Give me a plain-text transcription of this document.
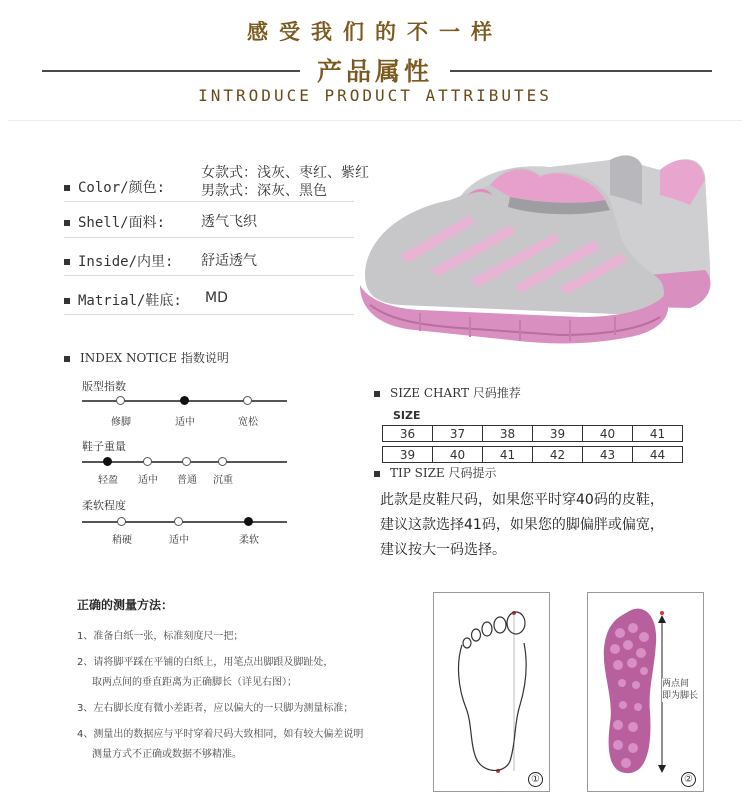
感受我们的不一样
产品属性
INTRODUCE PRODUCT ATTRIBUTES
Color/颜色:
女款式：浅灰、枣红、紫红
男款式：深灰、黑色
Shell/面料:	透气飞织
Inside/内里: 舒适透气
Matrial/鞋底: MD
INDEX NOTICE 指数说明
版型指数
修脚	适中	宽松
鞋子重量
轻盈	适中	普通	沉重
柔软程度
稍硬	适中	柔软
SIZE CHART 尺码推荐
SIZE
36	37	38	39	40	41
39	40	41	42	43	44
TIP SIZE 尺码提示
此款是皮鞋尺码，如果您平时穿40码的皮鞋，
建议这款选择41码，如果您的脚偏胖或偏宽，
建议按大一码选择。
正确的测量方法：
1、准备白纸一张，标准刻度尺一把；
2、请将脚平踩在平铺的白纸上，用笔点出脚跟及脚趾处，
取两点间的垂直距离为正确脚长（详见右图）；
3、左右脚长度有微小差距者，应以偏大的一只脚为测量标准；
4、测量出的数据应与平时穿着尺码大致相同，如有较大偏差说明
测量方式不正确或数据不够精准。
①
两点间
即为脚长
②
